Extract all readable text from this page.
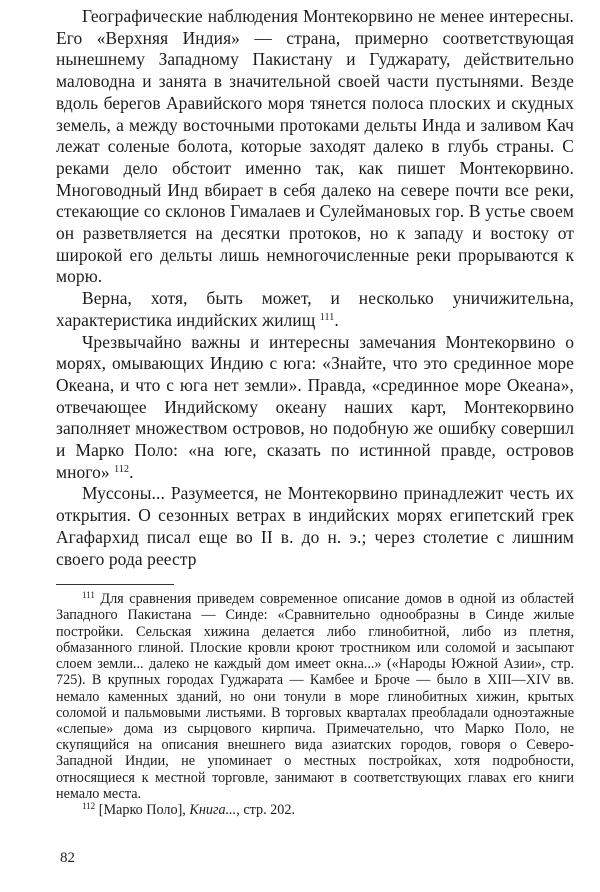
Географические наблюдения Монтекорвино не менее интересны. Его «Верхняя Индия» — страна, примерно соответствующая нынешнему Западному Пакистану и Гуджарату, действительно маловодна и занята в значительной своей части пустынями. Везде вдоль берегов Аравийского моря тянется полоса плоских и скудных земель, а между восточными протоками дельты Инда и заливом Кач лежат соленые болота, которые заходят далеко в глубь страны. С реками дело обстоит именно так, как пишет Монтекорвино. Многоводный Инд вбирает в себя далеко на севере почти все реки, стекающие со склонов Гималаев и Сулеймановых гор. В устье своем он разветвляется на десятки протоков, но к западу и востоку от широкой его дельты лишь немногочисленные реки прорываются к морю.

Верна, хотя, быть может, и несколько уничижительна, характеристика индийских жилищ $^{111}$.

Чрезвычайно важны и интересны замечания Монтекорвино о морях, омывающих Индию с юга: «Знайте, что это срединное море Океана, и что с юга нет земли». Правда, «срединное море Океана», отвечающее Индийскому океану наших карт, Монтекорвино заполняет множеством островов, но подобную же ошибку совершил и Марко Поло: «на юге, сказать по истинной правде, островов много» $^{112}$.

Муссоны... Разумеется, не Монтекорвино принадлежит честь их открытия. О сезонных ветрах в индийских морях египетский грек Агафархид писал еще во II в. до н. э.; через столетие с лишним своего рода реестр

$^{111}$ Для сравнения приведем современное описание домов в одной из областей Западного Пакистана — Синде: «Сравнительно однообразны в Синде жилые постройки. Сельская хижина делается либо глинобитной, либо из плетня, обмазанного глиной. Плоские кровли кроют тростником или соломой и засыпают слоем земли... далеко не каждый дом имеет окна...» («Народы Южной Азии», стр. 725). В крупных городах Гуджарата — Камбее и Броче — было в XIII—XIV вв. немало каменных зданий, но они тонули в море глинобитных хижин, крытых соломой и пальмовыми листьями. В торговых кварталах преобладали одноэтажные «слепые» дома из сырцового кирпича. Примечательно, что Марко Поло, не скупящийся на описания внешнего вида азиатских городов, говоря о Северо-Западной Индии, не упоминает о местных постройках, хотя подробности, относящиеся к местной торговле, занимают в соответствующих главах его книги немало места.

$^{112}$ [Марко Поло], Книга..., стр. 202.

82
